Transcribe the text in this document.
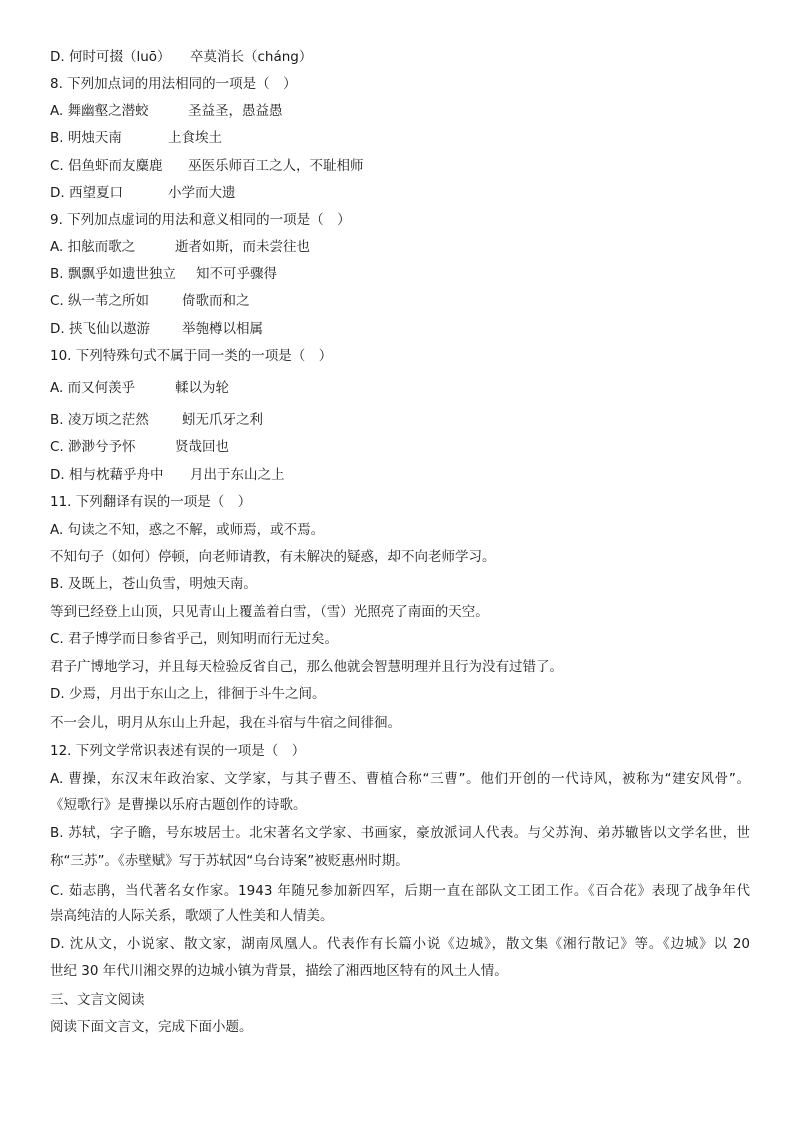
D. 何时可掇（luō） 卒莫消长（cháng）
8. 下列加点词的用法相同的一项是（　）
A. 舞幽壑之潜蛟	圣益圣，愚益愚
B. 明烛天南	上食埃土
C. 侣鱼虾而友麋鹿 巫医乐师百工之人，不耻相师
D. 西望夏口	小学而大遗
9. 下列加点虚词的用法和意义相同的一项是（　）
A. 扣舷而歌之	逝者如斯，而未尝往也
B. 飘飘乎如遗世独立 知不可乎骤得
C. 纵一苇之所如 倚歌而和之
D. 挟飞仙以遨游 举匏樽以相属
10. 下列特殊句式不属于同一类的一项是（　）
A. 而又何羡乎	輮以为轮
B. 凌万顷之茫然 蚓无爪牙之利
C. 渺渺兮予怀	贤哉回也
D. 相与枕藉乎舟中 月出于东山之上
11. 下列翻译有误的一项是（　）
A. 句读之不知，惑之不解，或师焉，或不焉。
不知句子（如何）停顿，向老师请教，有未解决的疑惑，却不向老师学习。
B. 及既上，苍山负雪，明烛天南。
等到已经登上山顶，只见青山上覆盖着白雪，（雪）光照亮了南面的天空。
C. 君子博学而日参省乎己，则知明而行无过矣。
君子广博地学习，并且每天检验反省自己，那么他就会智慧明理并且行为没有过错了。
D. 少焉，月出于东山之上，徘徊于斗牛之间。
不一会儿，明月从东山上升起，我在斗宿与牛宿之间徘徊。
12. 下列文学常识表述有误的一项是（　）
A. 曹操，东汉末年政治家、文学家，与其子曹丕、曹植合称“三曹”。他们开创的一代诗风，被称为“建安风骨”。
《短歌行》是曹操以乐府古题创作的诗歌。
B. 苏轼，字子瞻，号东坡居士。北宋著名文学家、书画家，豪放派词人代表。与父苏洵、弟苏辙皆以文学名世，世
称“三苏”。《赤壁赋》写于苏轼因“乌台诗案”被贬惠州时期。
C. 茹志鹃，当代著名女作家。1943 年随兄参加新四军，后期一直在部队文工团工作。《百合花》表现了战争年代
崇高纯洁的人际关系，歌颂了人性美和人情美。
D. 沈从文，小说家、散文家，湖南凤凰人。代表作有长篇小说《边城》，散文集《湘行散记》等。《边城》以 20
世纪 30 年代川湘交界的边城小镇为背景，描绘了湘西地区特有的风土人情。
三、文言文阅读
阅读下面文言文，完成下面小题。
